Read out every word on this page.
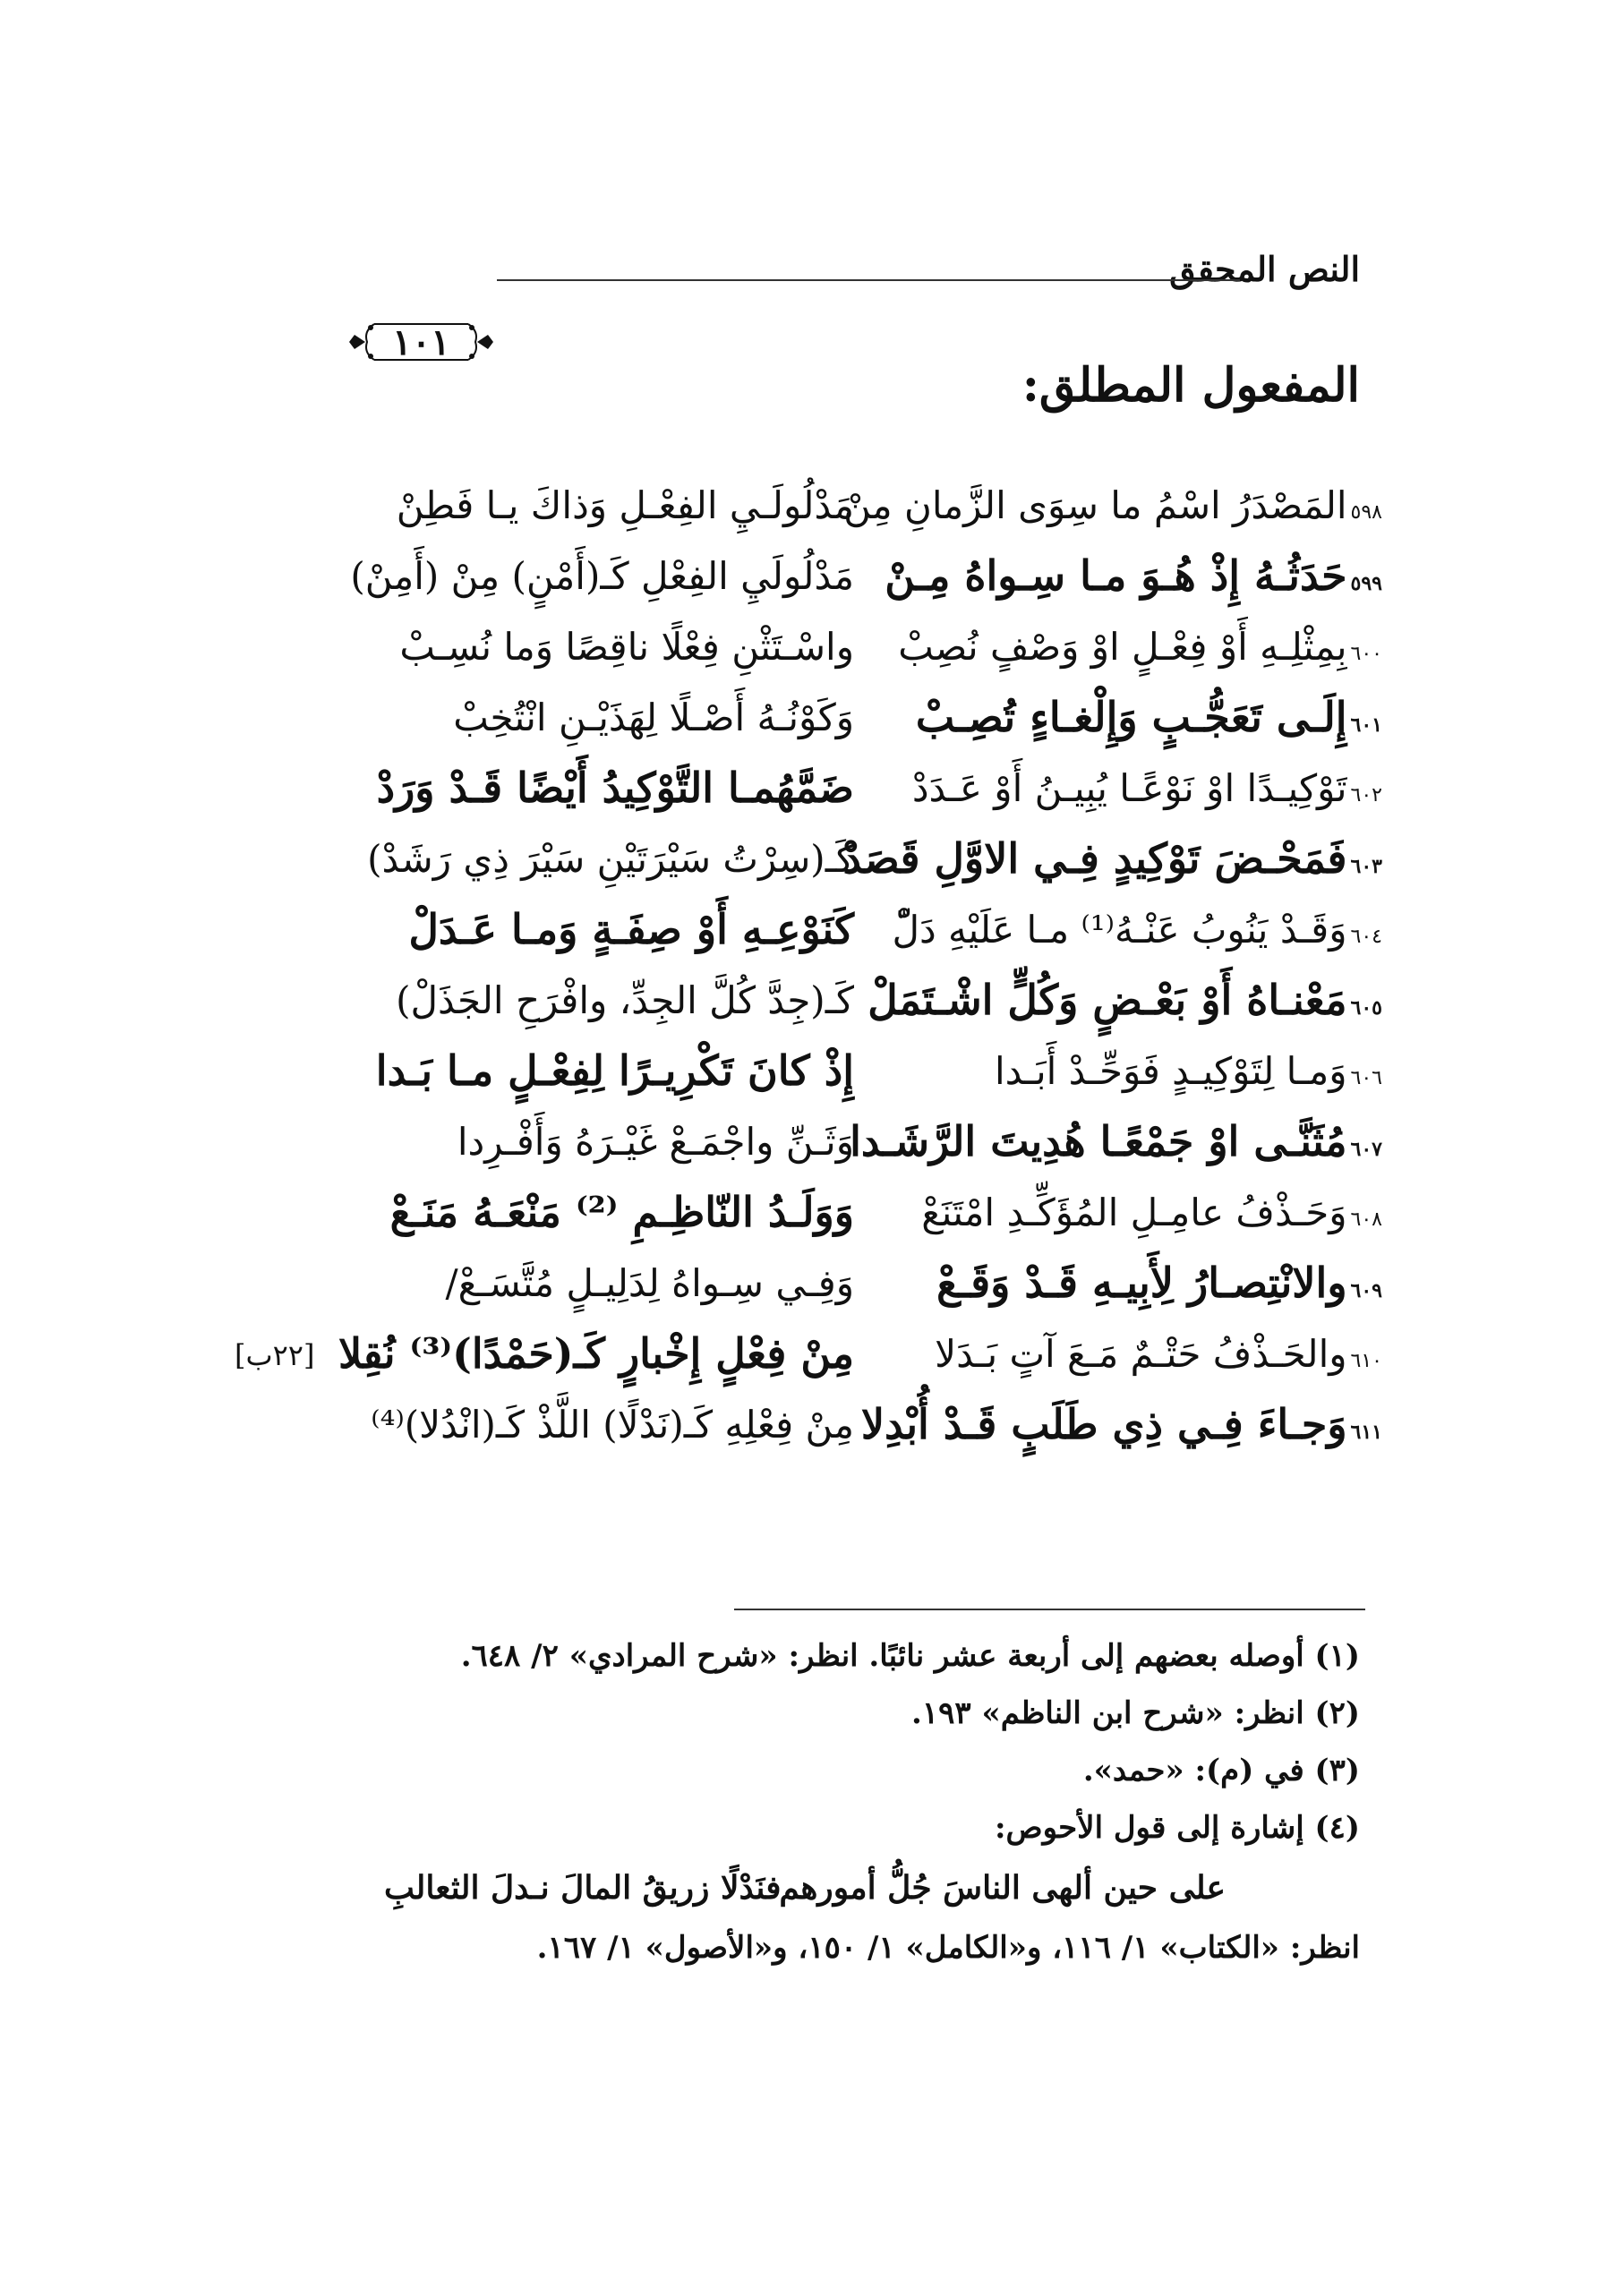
النص المحقق
١٠١
المفعول المطلق:
٥٩٨المَصْدَرُ اسْمُ ما سِوَى الزَّمانِ مِنْ
مَدْلُولَـيِ الفِعْـلِ وَذاكَ يـا فَطِنْ
٥٩٩حَدَثُـهُ إِذْ هُـوَ مـا سِـواهُ مِـنْ
مَدْلُولَيِ الفِعْلِ كَـ(أَمْنٍ) مِنْ (أَمِنْ)
٦٠٠بِمِثْلِـهِ أَوْ فِعْـلٍ اوْ وَصْفٍ نُصِبْ
واسْـتَثْنِ فِعْلًا ناقِصًا وَما نُسِـبْ
٦٠١إِلَـى تَعَجُّـبٍ وَإِلْغـاءٍ تُصِـبْ
وَكَوْنُـهُ أَصْـلًا لِهَذَيْـنِ انْتُخِبْ
٦٠٢تَوْكِيـدًا اوْ نَوْعًـا يُبِيـنُ أَوْ عَـدَدْ
ضَمَّهُمـا التَّوْكِيدُ أَيْضًا قَـدْ وَرَدْ
٦٠٣فَمَحْـضَ تَوْكِيدٍ فِـي الاوَّلِ قَصَدْ
كَـ(سِرْتُ سَيْرَتَيْنِ سَيْرَ ذِي رَشَدْ)
٦٠٤وَقَـدْ يَنُوبُ عَنْـهُ⁽¹⁾ مـا عَلَيْهِ دَلّْ
كَنَوْعِـهِ أَوْ صِفَـةٍ وَمـا عَـدَلْ
٦٠٥مَعْنـاهُ أَوْ بَعْـضٍ وَكُلٍّ اشْـتَمَلْ
كَـ(جِدَّ كُلَّ الجِدِّ، وافْرَحِ الجَذَلْ)
٦٠٦وَمـا لِتَوْكِيـدٍ فَوَحِّـدْ أَبَـدا
إِذْ كانَ تَكْرِيـرًا لِفِعْـلٍ مـا بَـدا
٦٠٧مُثَنَّـى اوْ جَمْعًـا هُدِيتَ الرَّشَـدا
وَثَـنِّ واجْمَـعْ غَيْـرَهُ وَأَفْـرِدا
٦٠٨وَحَـذْفُ عامِـلِ المُؤَكِّـدِ امْتَنَعْ
وَوَلَـدُ النّاظِـمِ ⁽²⁾ مَنْعَـهُ مَنَـعْ
٦٠٩والانْتِصـارُ لِأَبِيـهِ قَـدْ وَقَـعْ
وَفِـي سِـواهُ لِدَلِيـلٍ مُتَّسَـعْ/
٦١٠والحَـذْفُ حَتْـمٌ مَـعَ آتٍ بَـدَلا
مِنْ فِعْلٍ إِخْبارٍ كَـ(حَمْدًا)⁽³⁾ نُقِلا
٦١١وَجـاءَ فِـي ذِي طَلَبٍ قَـدْ أُبْدِلا
مِنْ فِعْلِهِ كَـ(نَدْلًا) اللَّذْ كَـ(انْدُلا)⁽⁴⁾
[٢٢ب]
(١) أوصله بعضهم إلى أربعة عشر نائبًا. انظر: «شرح المرادي» ٢/ ٦٤٨.
(٢) انظر: «شرح ابن الناظم» ١٩٣.
(٣) في (م): «حمد».
(٤) إشارة إلى قول الأحوص:
على حين ألهى الناسَ جُلُّ أمورهم
فنَدْلًا زريقُ المالَ نـدلَ الثعالبِ
انظر: «الكتاب» ١/ ١١٦، و«الكامل» ١/ ١٥٠، و«الأصول» ١/ ١٦٧.
